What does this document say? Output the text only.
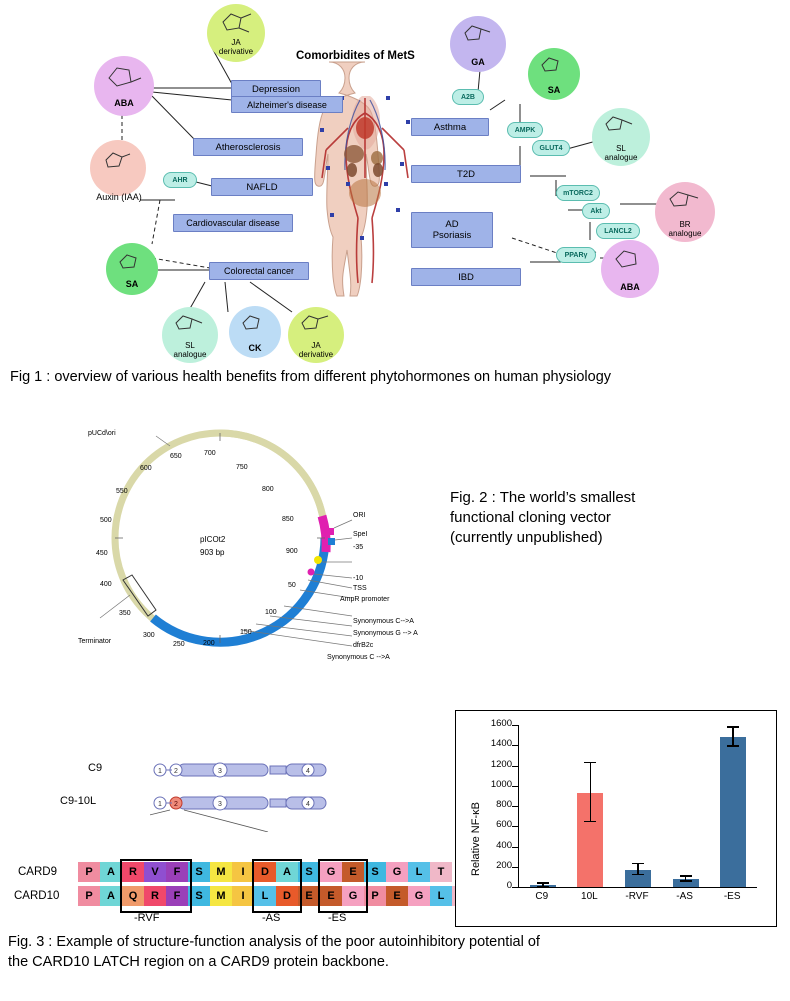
Comorbidites of MetS
JA
derivative
ABA
Auxin (IAA)
SA
SL
analogue
CK	JA
derivative
GA
SA
SL
analogue
BR
analogue
ABA
Depression
Alzheimer's disease
Atherosclerosis
NAFLD
Cardiovascular disease
Colorectal cancer
Asthma
T2D
AD
Psoriasis
IBD
AHR
A2B
AMPK
GLUT4
mTORC2
Akt
LANCL2
PPARγ
Fig 1 : overview of various health benefits from different phytohormones on human physiology
pUCd\ori
ORI
SpeI
-35
-10
TSS
AmpR promoter
Synonymous C-->A
Synonymous G --> A
dfrB2c
Synonymous C -->A
Terminator
pICOt2
903 bp
50
100
150
200
250
300
350
400
450
500
550
600
650	700
750
800
850
900
Fig. 2 : The world’s smallest
functional cloning vector
(currently unpublished)
C9
C9-10L
1 2	3	4
1 2	3	4
CARD9
CARD10
P A R V F S M I D A S G E S G L T
P A Q R F S M I L D E E G P E G L
-RVF	-AS	-ES
Relative NF-κB
0
200
400
600
800
1000
1200
1400
1600
C9	10L	-RVF	-AS	-ES
Fig. 3 : Example of structure-function analysis of the poor autoinhibitory potential of
the CARD10 LATCH region on a CARD9 protein backbone.
